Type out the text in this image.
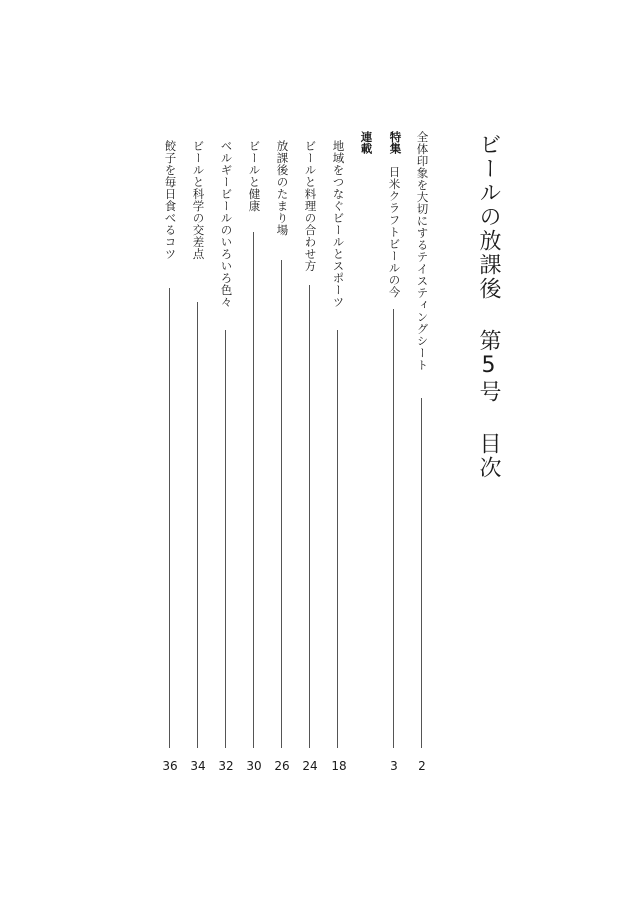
ビールの放課後第5号目次
特集
連載	全体印象を大切にするテイスティングシート
2
日米クラフトビールの今
3
地域をつなぐビールとスポーツ
18
ビールと料理の合わせ方
24
放課後のたまり場
26
ビールと健康
30
ベルギービールのいろいろ色々
32
ビールと科学の交差点
34
餃子を毎日食べるコツ
36
